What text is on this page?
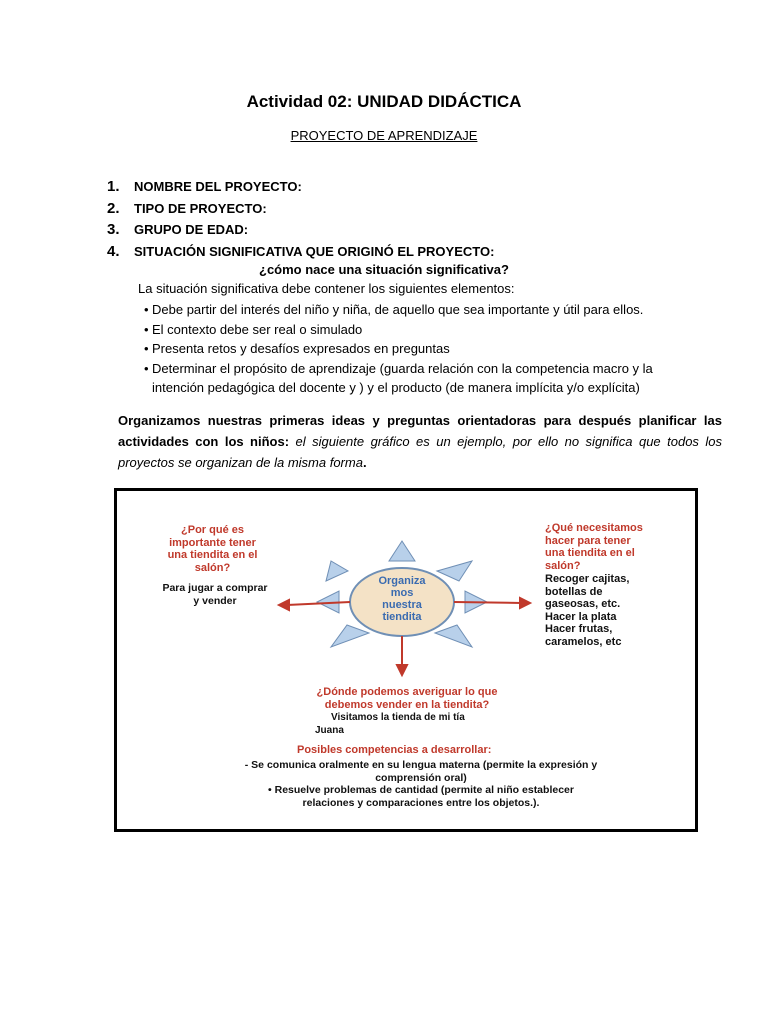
Actividad 02: UNIDAD DIDÁCTICA
PROYECTO DE APRENDIZAJE
1.	NOMBRE DEL PROYECTO:
2.	TIPO DE PROYECTO:
3.	GRUPO DE EDAD:
4.	SITUACIÓN SIGNIFICATIVA QUE ORIGINÓ EL PROYECTO:
¿cómo nace una situación significativa?
La situación significativa debe contener los siguientes elementos:
• Debe partir del interés del niño y niña, de aquello que sea importante y útil para ellos.
• El contexto debe ser real o simulado
• Presenta retos y desafíos expresados en preguntas
• Determinar el propósito de aprendizaje (guarda relación con la competencia macro y la intención pedagógica del docente y ) y el producto (de manera implícita y/o explícita)
Organizamos nuestras primeras ideas y preguntas orientadoras para después planificar las actividades con los niños: el siguiente gráfico es un ejemplo, por ello no significa que todos los proyectos se organizan de la misma forma.
Organiza
mos
nuestra
tiendita
¿Por qué es
importante tener
una tiendita en el
salón?
Para jugar a comprar
y vender
¿Qué necesitamos
hacer para tener
una tiendita en el
salón?
Recoger cajitas,
botellas de
gaseosas, etc.
Hacer la plata
Hacer frutas,
caramelos, etc
¿Dónde podemos averiguar lo que
debemos vender en la tiendita?
Visitamos la tienda de mi tía
Juana
Posibles competencias a desarrollar:
- Se comunica oralmente en su lengua materna (permite la expresión y
comprensión oral)
• Resuelve problemas de cantidad (permite al niño establecer
relaciones y comparaciones entre los objetos.).
